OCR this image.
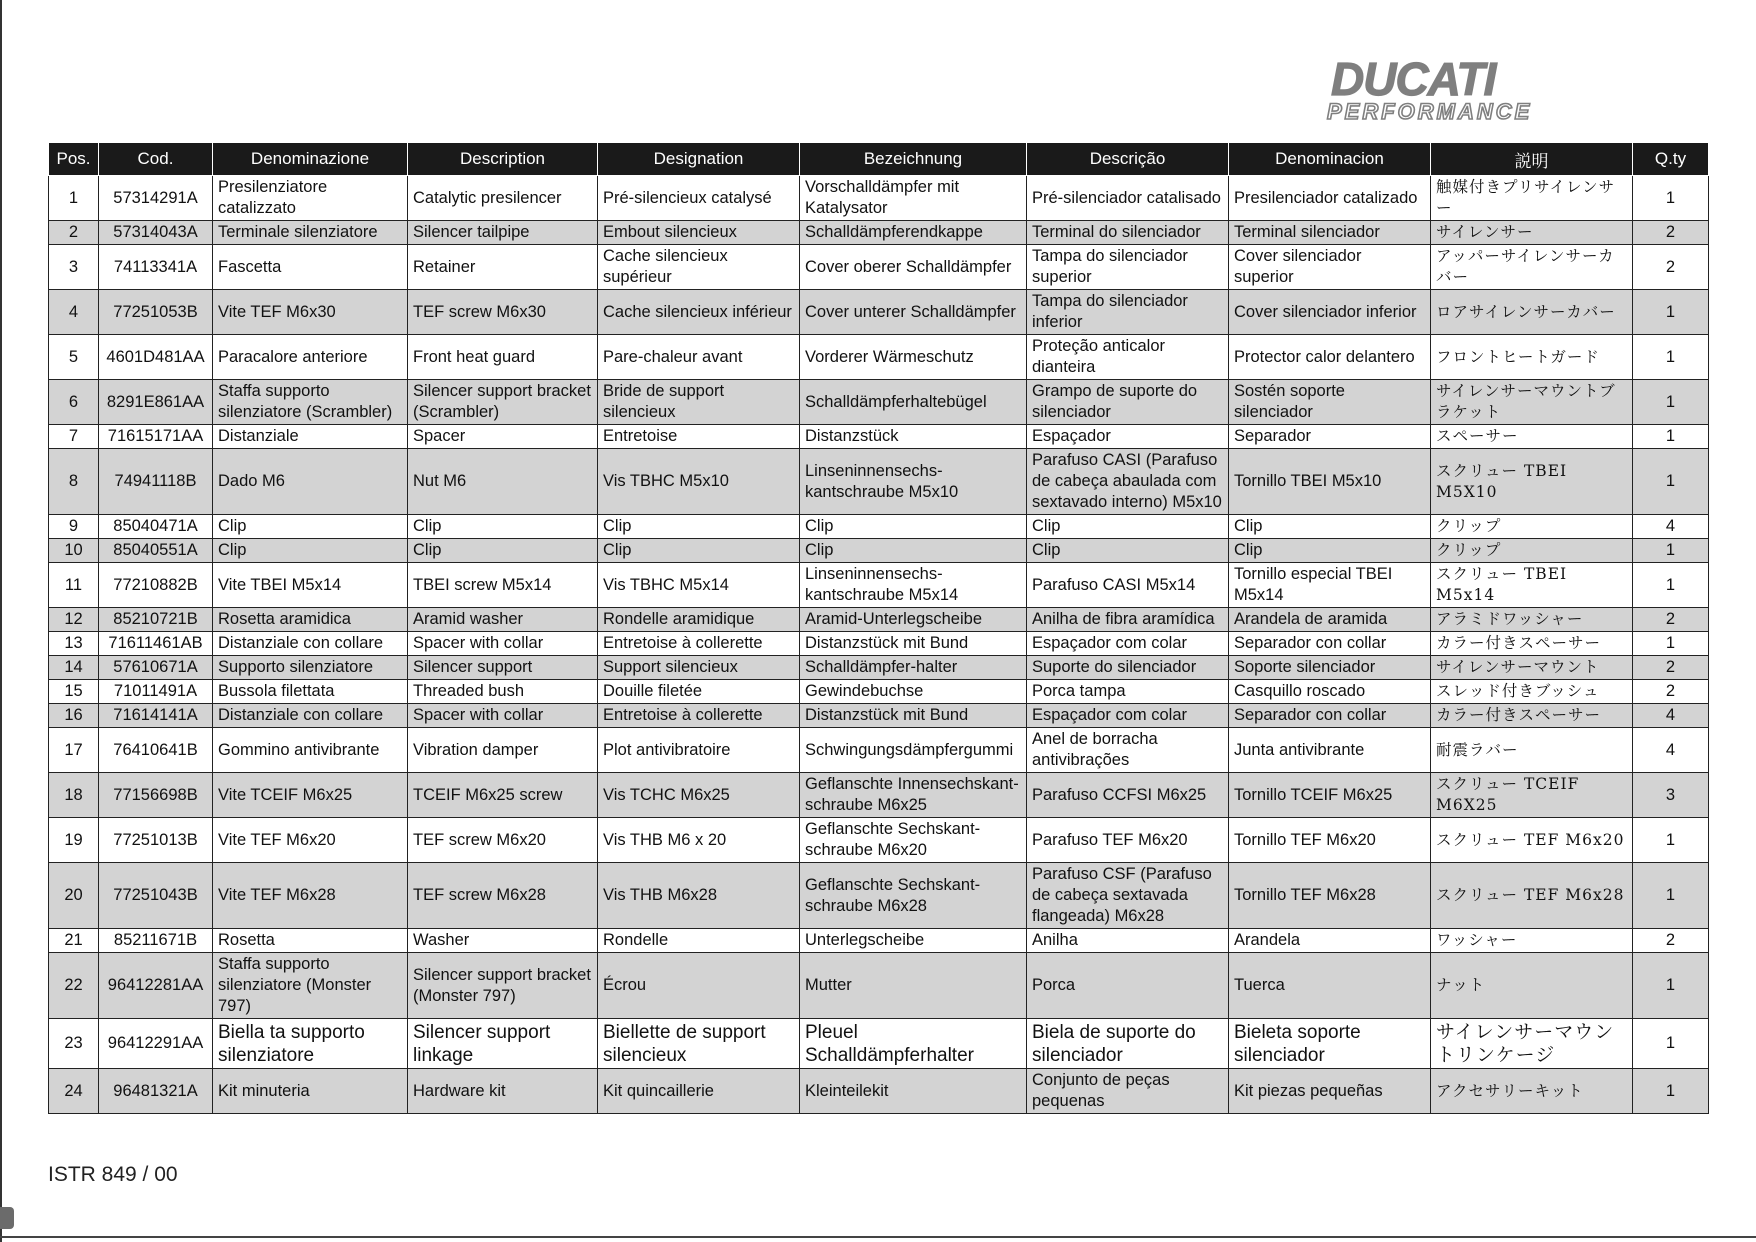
DUCATI
PERFORMANCE
Pos.	Cod.	Denominazione	Description	Designation	Bezeichnung	Descrição	Denominacion	説明	Q.ty
1	57314291A	Presilenziatore catalizzato	Catalytic presilencer	Pré-silencieux catalysé	Vorschalldämpfer mit Katalysator	Pré-silenciador catalisado	Presilenciador catalizado	触媒付きプリサイレンサー	1
2	57314043A	Terminale silenziatore	Silencer tailpipe	Embout silencieux	Schalldämpferendkappe	Terminal do silenciador	Terminal silenciador	サイレンサー	2
3	74113341A	Fascetta	Retainer	Cache silencieux supérieur	Cover oberer Schalldämpfer	Tampa do silenciador superior	Cover silenciador superior	アッパーサイレンサーカバー	2
4	77251053B	Vite TEF M6x30	TEF screw M6x30	Cache silencieux inférieur	Cover unterer Schalldämpfer	Tampa do silenciador inferior	Cover silenciador inferior	ロアサイレンサーカバー	1
5	4601D481AA	Paracalore anteriore	Front heat guard	Pare-chaleur avant	Vorderer Wärmeschutz	Proteção anticalor dianteira	Protector calor delantero	フロントヒートガード	1
6	8291E861AA	Staffa supporto silenziatore (Scrambler)	Silencer support bracket (Scrambler)	Bride de support silencieux	Schalldämpferhaltebügel	Grampo de suporte do silenciador	Sostén soporte silenciador	サイレンサーマウントブラケット	1
7	71615171AA	Distanziale	Spacer	Entretoise	Distanzstück	Espaçador	Separador	スペーサー	1
8	74941118B	Dado M6	Nut M6	Vis TBHC M5x10	Linseninnensechs-kantschraube M5x10	Parafuso CASI (Parafuso de cabeça abaulada com sextavado interno) M5x10	Tornillo TBEI M5x10	スクリュー TBEI M5X10	1
9	85040471A	Clip	Clip	Clip	Clip	Clip	Clip	クリップ	4
10	85040551A	Clip	Clip	Clip	Clip	Clip	Clip	クリップ	1
11	77210882B	Vite TBEI M5x14	TBEI screw M5x14	Vis TBHC M5x14	Linseninnensechs-kantschraube M5x14	Parafuso CASI M5x14	Tornillo especial TBEI M5x14	スクリュー TBEI M5x14	1
12	85210721B	Rosetta aramidica	Aramid washer	Rondelle aramidique	Aramid-Unterlegscheibe	Anilha de fibra aramídica	Arandela de aramida	アラミドワッシャー	2
13	71611461AB	Distanziale con collare	Spacer with collar	Entretoise à collerette	Distanzstück mit Bund	Espaçador com colar	Separador con collar	カラー付きスペーサー	1
14	57610671A	Supporto silenziatore	Silencer support	Support silencieux	Schalldämpfer-halter	Suporte do silenciador	Soporte silenciador	サイレンサーマウント	2
15	71011491A	Bussola filettata	Threaded bush	Douille filetée	Gewindebuchse	Porca tampa	Casquillo roscado	スレッド付きブッシュ	2
16	71614141A	Distanziale con collare	Spacer with collar	Entretoise à collerette	Distanzstück mit Bund	Espaçador com colar	Separador con collar	カラー付きスペーサー	4
17	76410641B	Gommino antivibrante	Vibration damper	Plot antivibratoire	Schwingungsdämpfergummi	Anel de borracha antivibrações	Junta antivibrante	耐震ラバー	4
18	77156698B	Vite TCEIF M6x25	TCEIF M6x25 screw	Vis TCHC M6x25	Geflanschte Innensechskant-schraube M6x25	Parafuso CCFSI M6x25	Tornillo TCEIF M6x25	スクリュー TCEIF M6X25	3
19	77251013B	Vite TEF M6x20	TEF screw M6x20	Vis THB M6 x 20	Geflanschte Sechskant-schraube M6x20	Parafuso TEF M6x20	Tornillo TEF M6x20	スクリュー TEF M6x20	1
20	77251043B	Vite TEF M6x28	TEF screw M6x28	Vis THB M6x28	Geflanschte Sechskant-schraube M6x28	Parafuso CSF (Parafuso de cabeça sextavada flangeada) M6x28	Tornillo TEF M6x28	スクリュー TEF M6x28	1
21	85211671B	Rosetta	Washer	Rondelle	Unterlegscheibe	Anilha	Arandela	ワッシャー	2
22	96412281AA	Staffa supporto silenziatore (Monster 797)	Silencer support bracket (Monster 797)	Écrou	Mutter	Porca	Tuerca	ナット	1
23	96412291AA	Biella ta supporto silenziatore	Silencer support linkage	Biellette de support silencieux	Pleuel Schalldämpferhalter	Biela de suporte do silenciador	Bieleta soporte silenciador	サイレンサーマウントリンケージ	1
24	96481321A	Kit minuteria	Hardware kit	Kit quincaillerie	Kleinteilekit	Conjunto de peças pequenas	Kit piezas pequeñas	アクセサリーキット	1
ISTR 849 / 00
